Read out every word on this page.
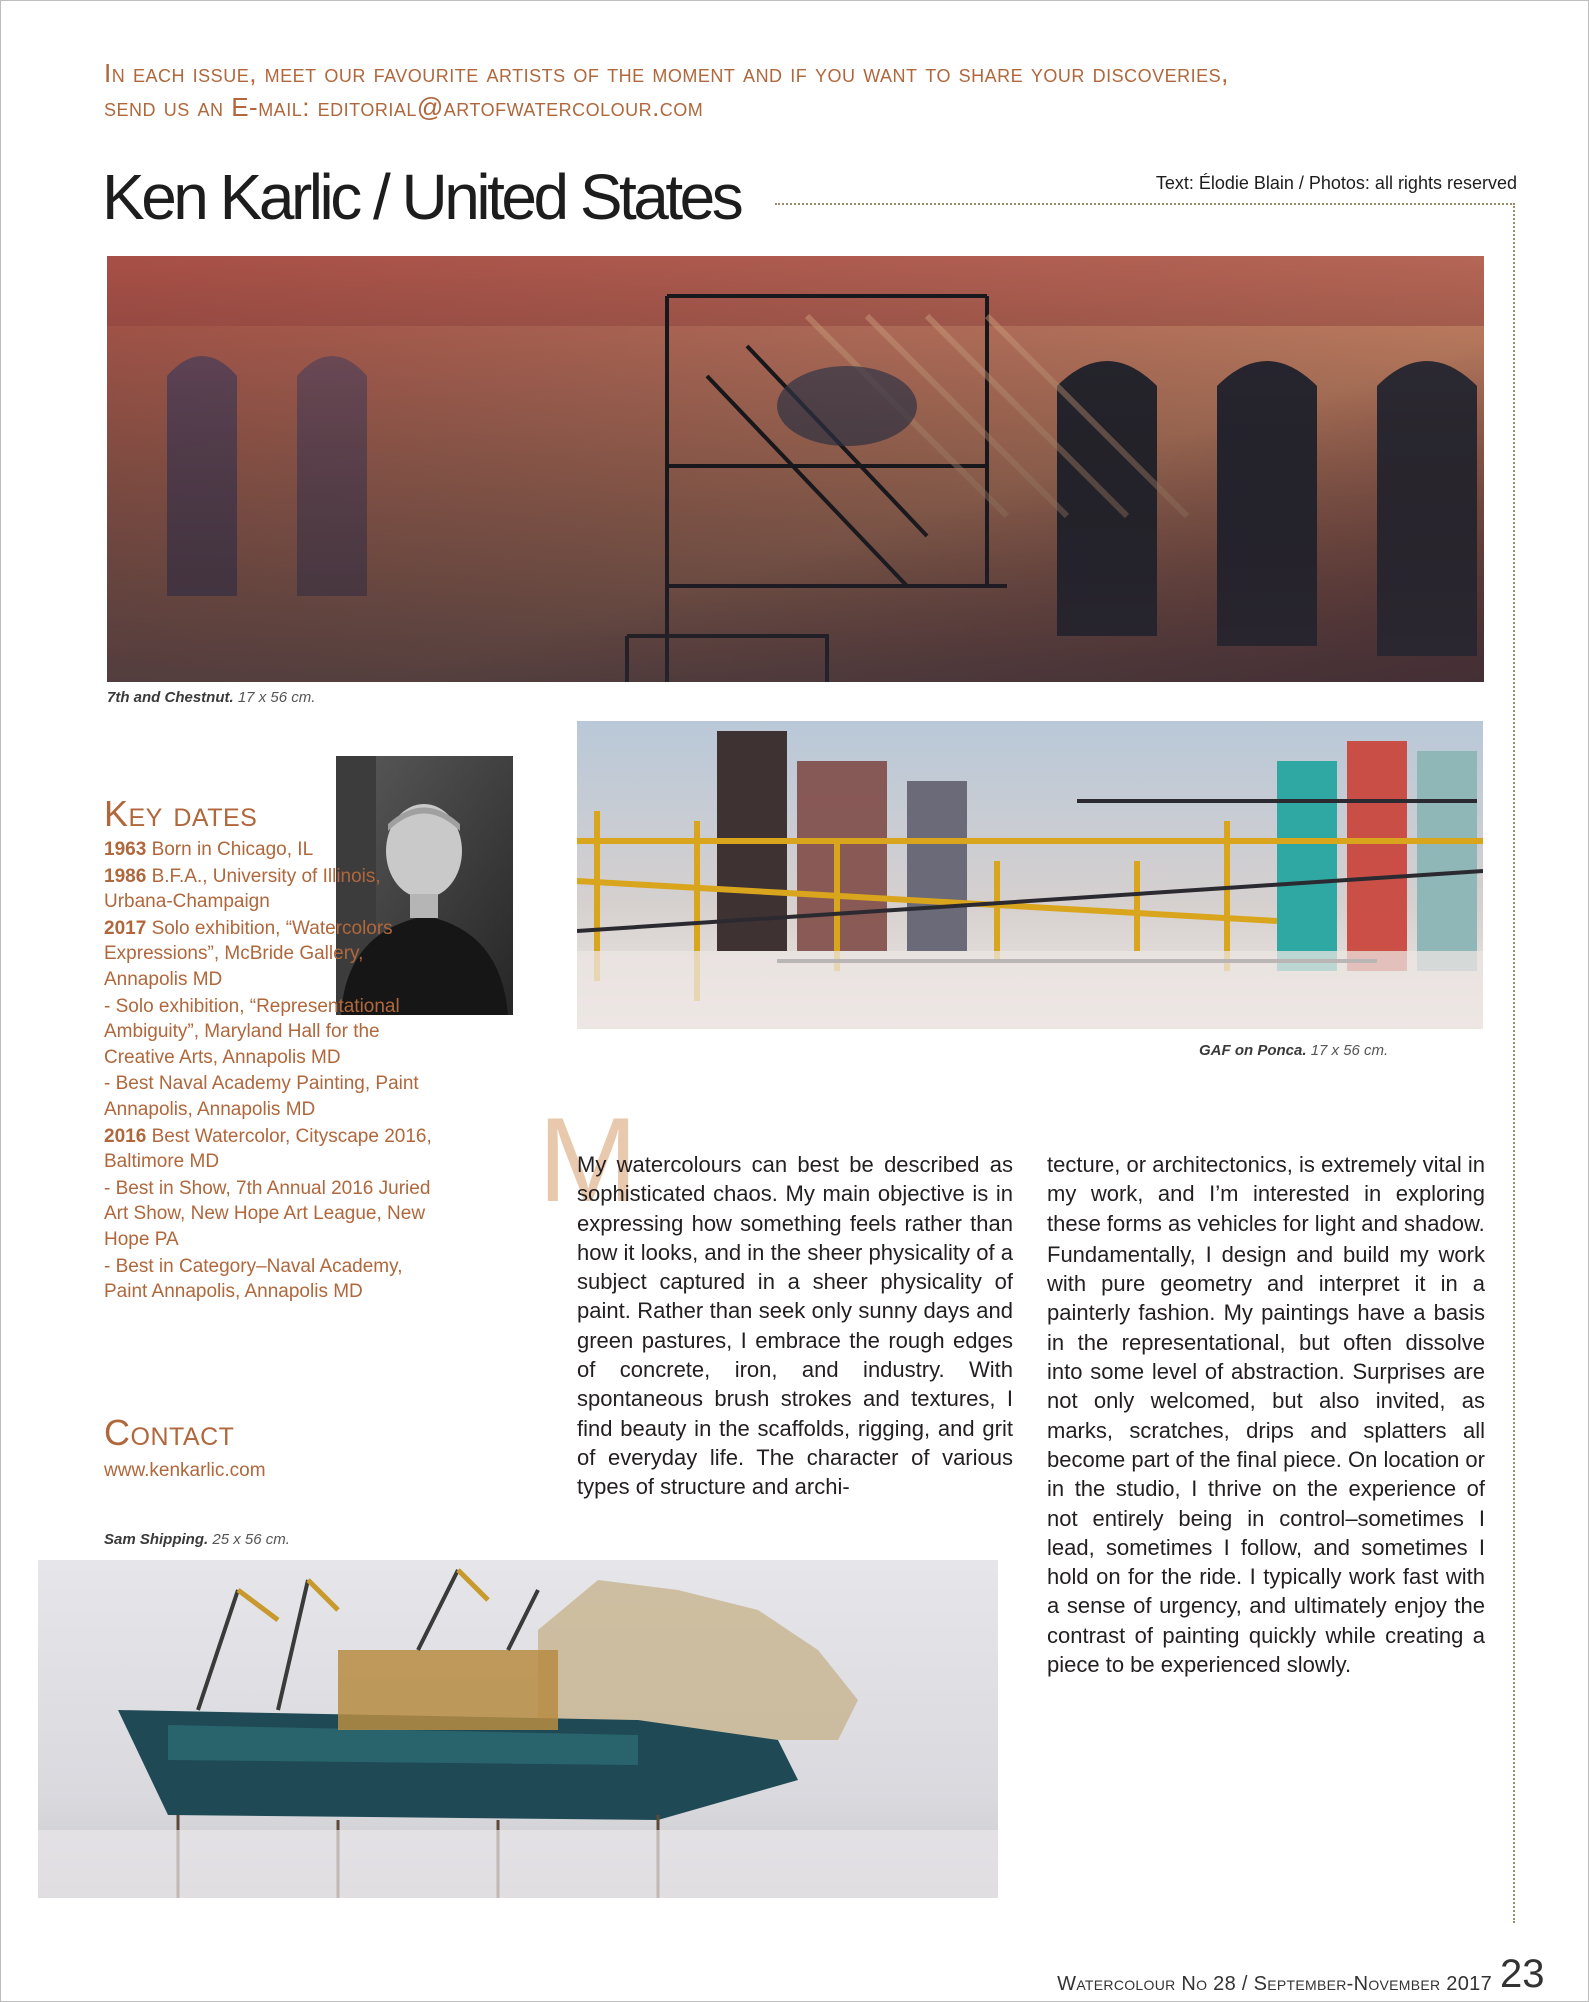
In each issue, meet our favourite artists of the moment and if you want to share your discoveries,
send us an E-mail: editorial@artofwatercolour.com
Ken Karlic / United States	Text: Élodie Blain / Photos: all rights reserved
7th and Chestnut. 17 x 56 cm.
GAF on Ponca. 17 x 56 cm.
Key dates
1963 Born in Chicago, IL
1986 B.F.A., University of Illinois, Urbana-Champaign
2017 Solo exhibition, “Watercolors Expressions”, McBride Gallery, Annapolis MD
- Solo exhibition, “Representational Ambiguity”, Maryland Hall for the Creative Arts, Annapolis MD
- Best Naval Academy Painting, Paint Annapolis, Annapolis MD
2016 Best Watercolor, Cityscape 2016, Baltimore MD
- Best in Show, 7th Annual 2016 Juried Art Show, New Hope Art League, New Hope PA
- Best in Category–Naval Academy, Paint Annapolis, Annapolis MD
Contact
www.kenkarlic.com
Sam Shipping. 25 x 56 cm.
M
My watercolours can best be described as sophisticated chaos. My main objective is in expressing how something feels rather than how it looks, and in the sheer physicality of a subject captured in a sheer physicality of paint. Rather than seek only sunny days and green pastures, I embrace the rough edges of concrete, iron, and industry. With spontaneous brush strokes and textures, I find beauty in the scaffolds, rigging, and grit of everyday life. The character of various types of structure and archi-

tecture, or architectonics, is extremely vital in my work, and I’m interested in exploring these forms as vehicles for light and shadow.

Fundamentally, I design and build my work with pure geometry and interpret it in a painterly fashion. My paintings have a basis in the representational, but often dissolve into some level of abstraction. Surprises are not only welcomed, but also invited, as marks, scratches, drips and splatters all become part of the final piece. On location or in the studio, I thrive on the experience of not entirely being in control–sometimes I lead, sometimes I follow, and sometimes I hold on for the ride. I typically work fast with a sense of urgency, and ultimately enjoy the contrast of painting quickly while creating a piece to be experienced slowly.

Watercolour No 28 / September-November 2017 23
